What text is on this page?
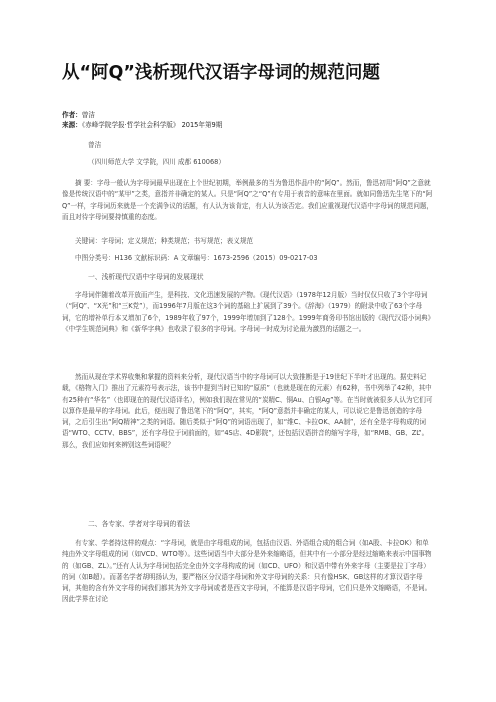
从“阿Q”浅析现代汉语字母词的规范问题
作者：曾洁
来源：《赤峰学院学报·哲学社会科学版》 2015年第9期

曾洁

（四川师范大学 文学院，四川 成都 610068）

摘 要：字母一般认为字母词最早出现在上个世纪初期，举例最多的当为鲁迅作品中的“阿Q”。然而，鲁迅初用“阿Q”之意就像是传统汉语中的“某甲”之类，意指并非确定的某人。只是“阿Q”之“Q”有专用于表音的意味在里面。就如同鲁迅先生笔下的“阿Q”一样，字母词历来就是一个充满争议的话题，有人认为该肯定，有人认为该否定。我们应重视现代汉语中字母词的规范问题，而且对待字母词要持慎重的态度。

关键词：字母词；定义规范；种类规范；书写规范；表义规范

中图分类号：H136 文献标识码：A 文章编号：1673-2596（2015）09-0217-03

一、浅析现代汉语中字母词的发展现状

字母词伴随着改革开放而产生，是科技、文化迅速发展的产物。《现代汉语》（1978年12月版）当时仅仅只收了3个字母词（“阿Q”、“X光”和“三K党”），而1996年7月版在这3个词的基础上扩展到了39个。《辞海》（1979）的附录中收了63个字母词，它的增补单行本又增加了6个，1989年收了97个，1999年增加到了128个。1999年商务印书馆出版的《现代汉语小词典》《中学生规范词典》和《新华字典》也收录了很多的字母词。字母词一时成为讨论最为激烈的话题之一。

然而从现在学术界收集和掌握的资料来分析，现代汉语当中的字母词可以大致推断是于19世纪下半叶才出现的。据史料记载，《格物入门》推出了元素符号表示法，该书中提到当时已知的“原质”（也就是现在的元素）有62种，书中列举了42种，其中有25种有“华名”（也即现在的现代汉语译名），例如我们现在常见的“炭精C、铜Au、白银Ag”等。在当时就被很多人认为它们可以算作是最早的字母词。此后，便出现了鲁迅笔下的“阿Q”，其实，“阿Q”意指并非确定的某人，可以说它是鲁迅创造的字母词，之后引生出“阿Q精神”之类的词语。随后类似于“阿Q”的词语出现了，如“维C、卡拉OK、AA制”，还有全是字母构成的词语“WTO、CCTV、BBS”，还有字母位于词前面的，如“4S店、4D影院”，还包括汉语拼音的缩写字母，如“RMB、GB、ZL”。那么，我们应如何来辨别这些词语呢？

二、各专家、学者对字母词的看法

有专家、学者持这样的观点：“字母词，就是由字母组成的词，包括由汉语、外语组合成的组合词（如A股、卡拉OK）和单纯由外文字母组成的词（如VCD、WTO等）。这些词语当中大部分是外来缩略语，但其中有一小部分是经过缩略来表示中国事物的（如GB、ZL）。”还有人认为字母词包括完全由外文字母构成的词（如CD、UFO）和汉语中带有外来字母（主要是拉丁字母）的词（如B超）。而著名学者胡明扬认为，要严格区分汉语字母词和外文字母词的关系：只有像HSK、GB这样的才算汉语字母词，其他的含有外文字母的词我们都其为外文字母词或者是西文字母词，不能算是汉语字母词，它们只是外文缩略语，不是词。因此学界在讨论
